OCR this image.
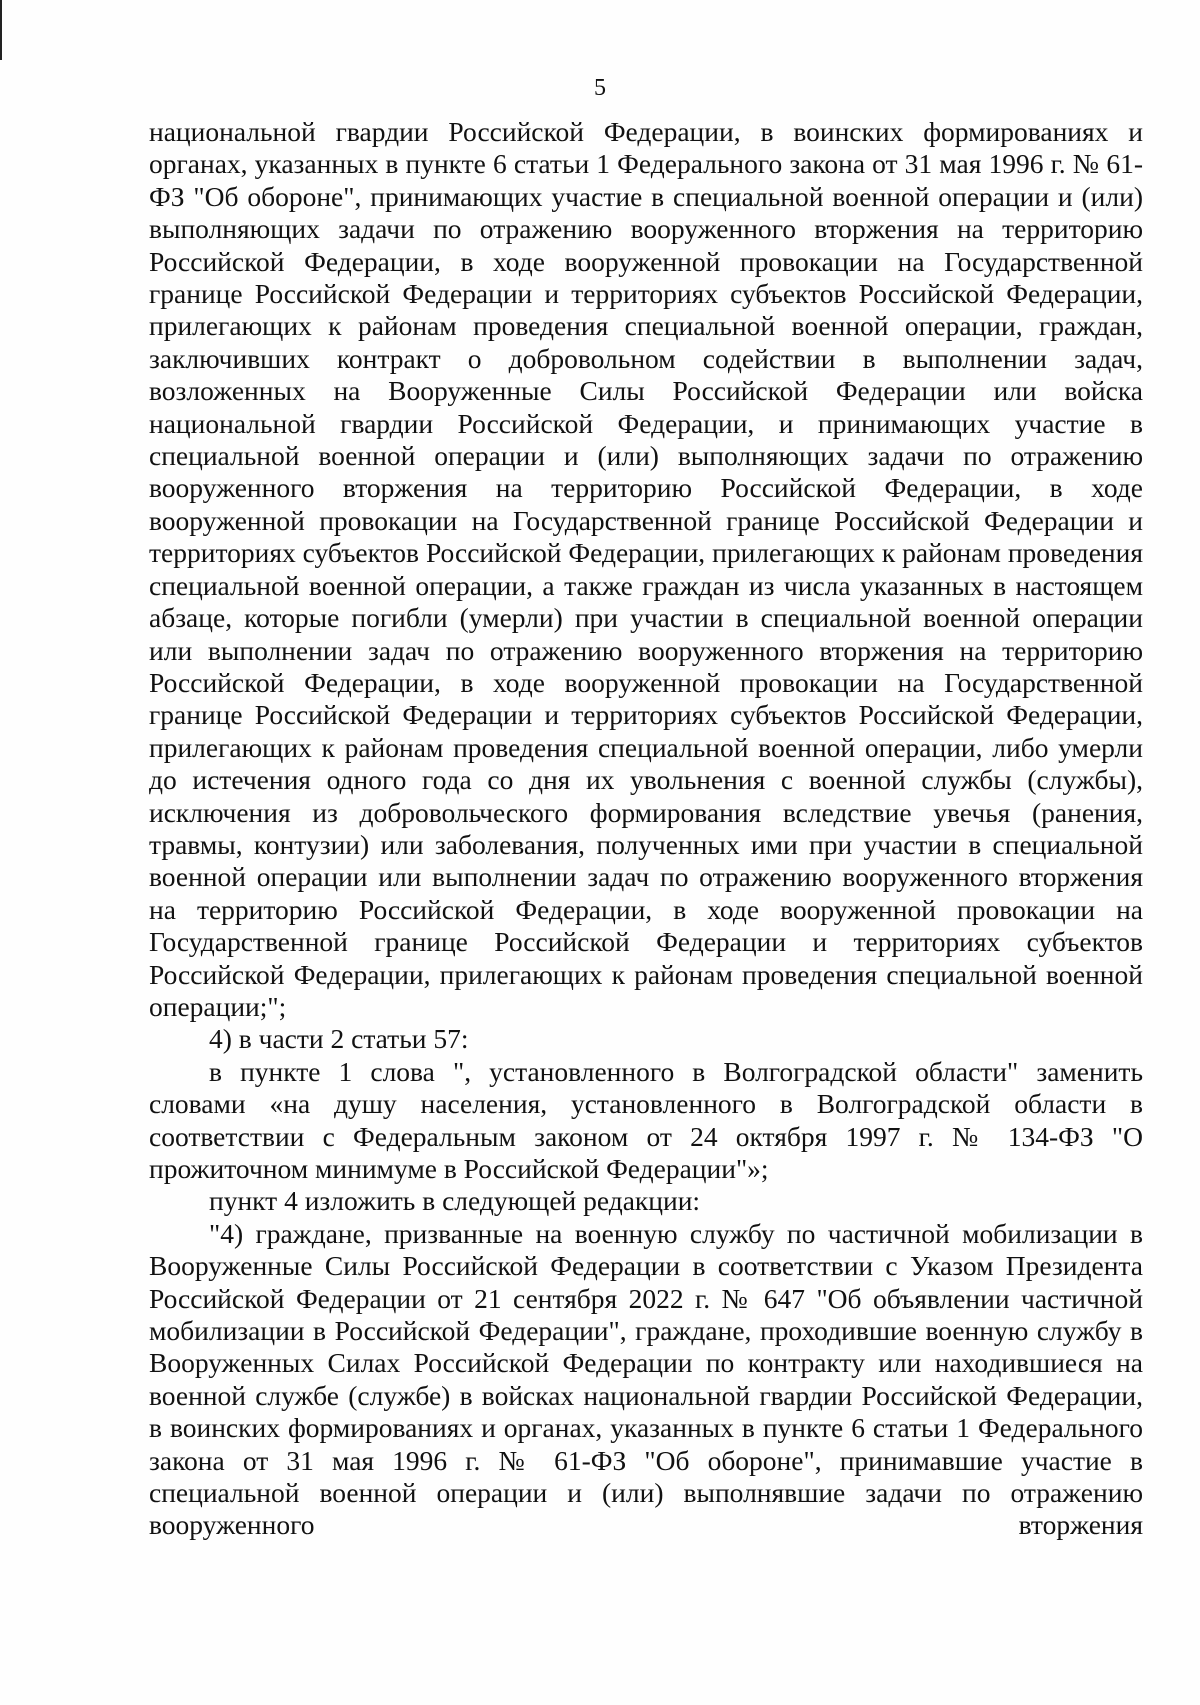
5

национальной гвардии Российской Федерации, в воинских формированиях и органах, указанных в пункте 6 статьи 1 Федерального закона от 31 мая 1996 г. № 61-ФЗ "Об обороне", принимающих участие в специальной военной операции и (или) выполняющих задачи по отражению вооруженного вторжения на территорию Российской Федерации, в ходе вооруженной провокации на Государственной границе Российской Федерации и территориях субъектов Российской Федерации, прилегающих к районам проведения специальной военной операции, граждан, заключивших контракт о добровольном содействии в выполнении задач, возложенных на Вооруженные Силы Российской Федерации или войска национальной гвардии Российской Федерации, и принимающих участие в специальной военной операции и (или) выполняющих задачи по отражению вооруженного вторжения на территорию Российской Федерации, в ходе вооруженной провокации на Государственной границе Российской Федерации и территориях субъектов Российской Федерации, прилегающих к районам проведения специальной военной операции, а также граждан из числа указанных в настоящем абзаце, которые погибли (умерли) при участии в специальной военной операции или выполнении задач по отражению вооруженного вторжения на территорию Российской Федерации, в ходе вооруженной провокации на Государственной границе Российской Федерации и территориях субъектов Российской Федерации, прилегающих к районам проведения специальной военной операции, либо умерли до истечения одного года со дня их увольнения с военной службы (службы), исключения из добровольческого формирования вследствие увечья (ранения, травмы, контузии) или заболевания, полученных ими при участии в специальной военной операции или выполнении задач по отражению вооруженного вторжения на территорию Российской Федерации, в ходе вооруженной провокации на Государственной границе Российской Федерации и территориях субъектов Российской Федерации, прилегающих к районам проведения специальной военной операции;";

4) в части 2 статьи 57:

в пункте 1 слова ", установленного в Волгоградской области" заменить словами «на душу населения, установленного в Волгоградской области в соответствии с Федеральным законом от 24 октября 1997 г. № 134-ФЗ "О прожиточном минимуме в Российской Федерации"»;

пункт 4 изложить в следующей редакции:

"4) граждане, призванные на военную службу по частичной мобилизации в Вооруженные Силы Российской Федерации в соответствии с Указом Президента Российской Федерации от 21 сентября 2022 г. № 647 "Об объявлении частичной мобилизации в Российской Федерации", граждане, проходившие военную службу в Вооруженных Силах Российской Федерации по контракту или находившиеся на военной службе (службе) в войсках национальной гвардии Российской Федерации, в воинских формированиях и органах, указанных в пункте 6 статьи 1 Федерального закона от 31 мая 1996 г. № 61-ФЗ "Об обороне", принимавшие участие в специальной военной операции и (или) выполнявшие задачи по отражению вооруженного вторжения
